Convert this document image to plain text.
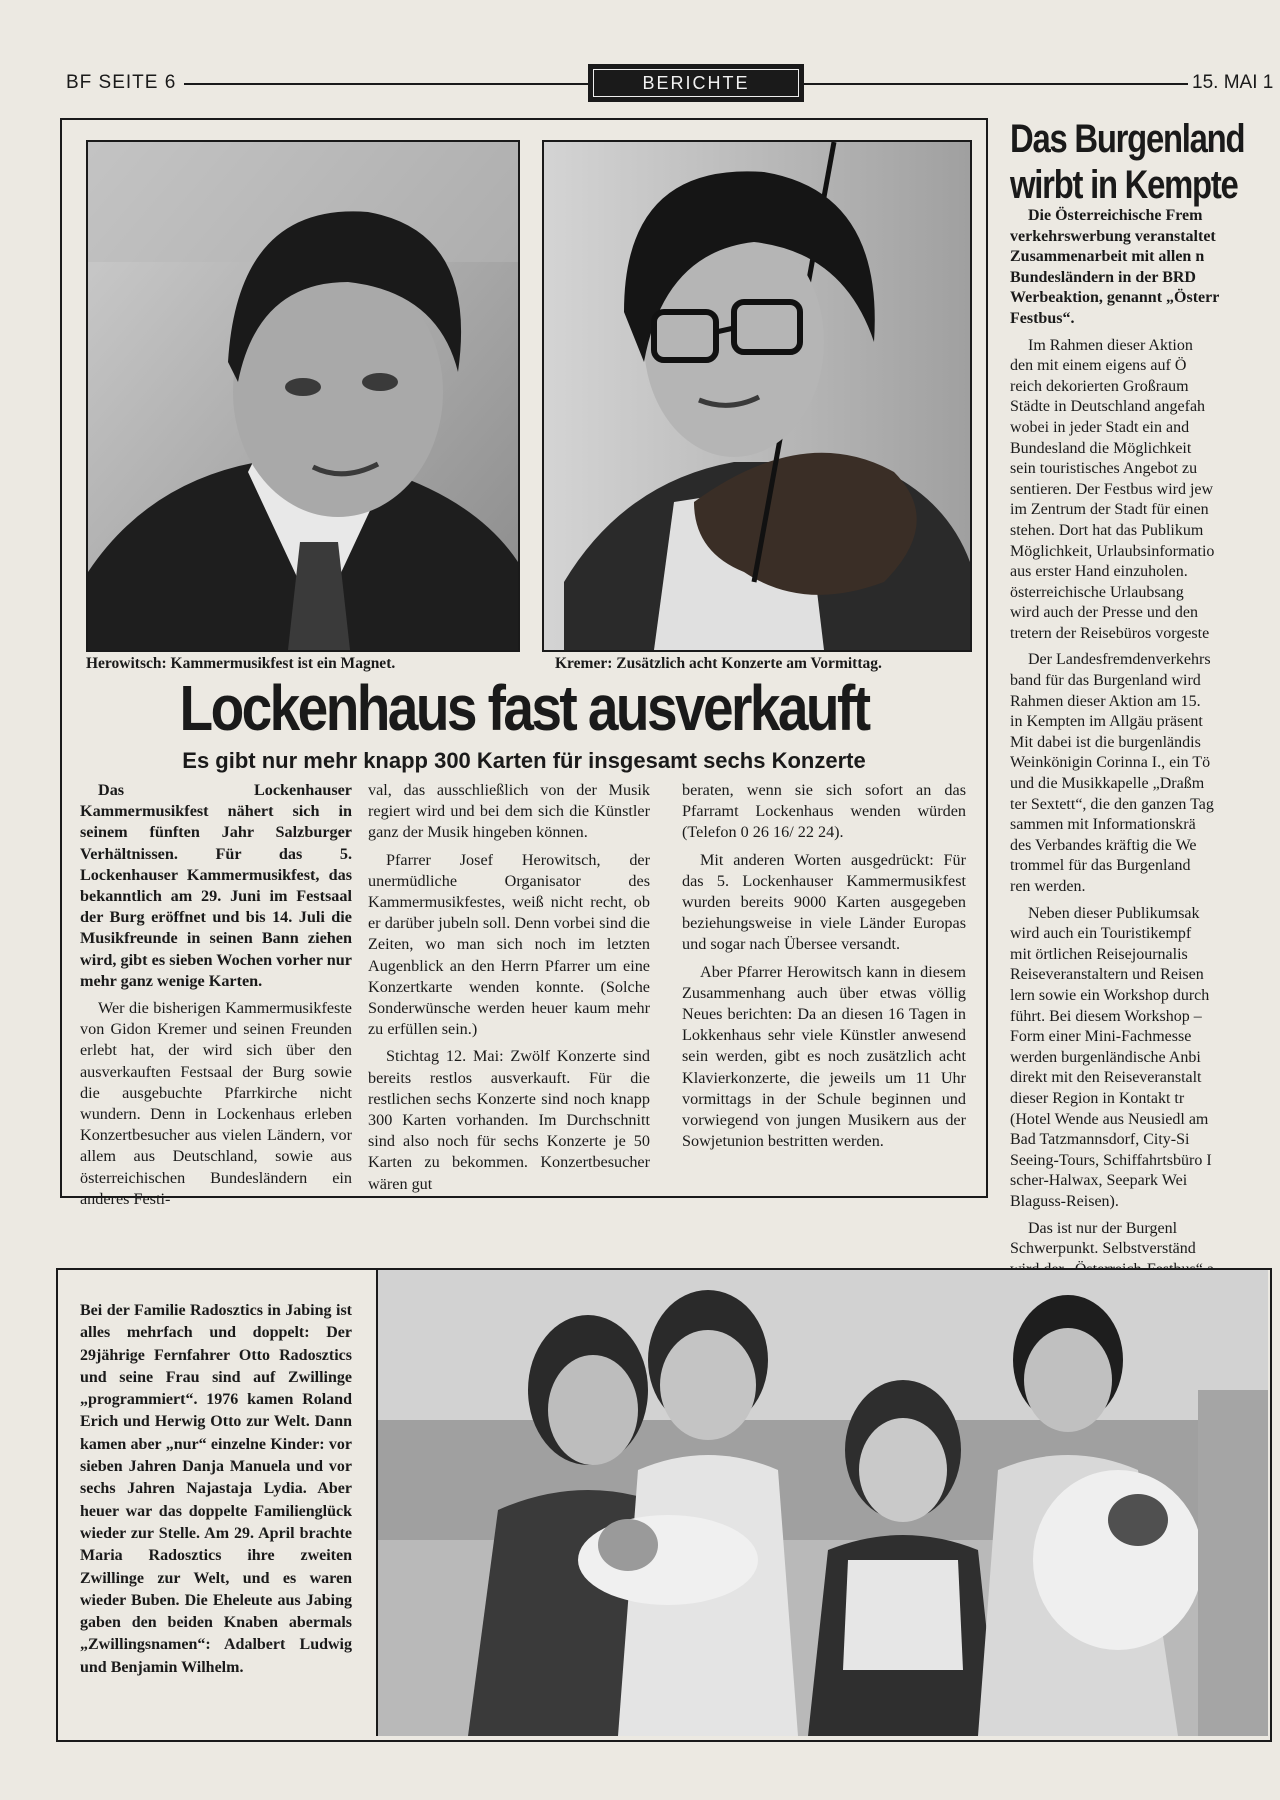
BF SEITE 6	BERICHTE	15. MAI 1
Herowitsch: Kammermusikfest ist ein Magnet.	Kremer: Zusätzlich acht Konzerte am Vormittag.
Lockenhaus fast ausverkauft
Es gibt nur mehr knapp 300 Karten für insgesamt sechs Konzerte

Das Lockenhauser Kammermusikfest nähert sich in seinem fünften Jahr Salzburger Verhältnissen. Für das 5. Lockenhauser Kammermusikfest, das bekanntlich am 29. Juni im Festsaal der Burg eröffnet und bis 14. Juli die Musikfreunde in seinen Bann ziehen wird, gibt es sieben Wochen vorher nur mehr ganz wenige Karten.

Wer die bisherigen Kammermusikfeste von Gidon Kremer und seinen Freunden erlebt hat, der wird sich über den ausverkauften Festsaal der Burg sowie die ausgebuchte Pfarrkirche nicht wundern. Denn in Lockenhaus erleben Konzertbesucher aus vielen Ländern, vor allem aus Deutschland, sowie aus österreichischen Bundesländern ein anderes Festi-

val, das ausschließlich von der Musik regiert wird und bei dem sich die Künstler ganz der Musik hingeben können.

Pfarrer Josef Herowitsch, der unermüdliche Organisator des Kammermusikfestes, weiß nicht recht, ob er darüber jubeln soll. Denn vorbei sind die Zeiten, wo man sich noch im letzten Augenblick an den Herrn Pfarrer um eine Konzertkarte wenden konnte. (Solche Sonderwünsche werden heuer kaum mehr zu erfüllen sein.)

Stichtag 12. Mai: Zwölf Konzerte sind bereits restlos ausverkauft. Für die restlichen sechs Konzerte sind noch knapp 300 Karten vorhanden. Im Durchschnitt sind also noch für sechs Konzerte je 50 Karten zu bekommen. Konzertbesucher wären gut

beraten, wenn sie sich sofort an das Pfarramt Lockenhaus wenden würden (Telefon 0 26 16/ 22 24).

Mit anderen Worten ausgedrückt: Für das 5. Lockenhauser Kammermusikfest wurden bereits 9000 Karten ausgegeben beziehungsweise in viele Länder Europas und sogar nach Übersee versandt.

Aber Pfarrer Herowitsch kann in diesem Zusammenhang auch über etwas völlig Neues berichten: Da an diesen 16 Tagen in Lokkenhaus sehr viele Künstler anwesend sein werden, gibt es noch zusätzlich acht Klavierkonzerte, die jeweils um 11 Uhr vormittags in der Schule beginnen und vorwiegend von jungen Musikern aus der Sowjetunion bestritten werden.

Das Burgenland
wirbt in Kempte

Die Österreichische Frem
verkehrswerbung veranstaltet
Zusammenarbeit mit allen n
Bundesländern in der BRD
Werbeaktion, genannt „Österr
Festbus“.

Im Rahmen dieser Aktion
den mit einem eigens auf Ö
reich dekorierten Großraum
Städte in Deutschland angefah
wobei in jeder Stadt ein and
Bundesland die Möglichkeit
sein touristisches Angebot zu
sentieren. Der Festbus wird jew
im Zentrum der Stadt für einen
stehen. Dort hat das Publikum
Möglichkeit, Urlaubsinformatio
aus erster Hand einzuholen.
österreichische Urlaubsang
wird auch der Presse und den
tretern der Reisebüros vorgeste

Der Landesfremdenverkehrs
band für das Burgenland wird
Rahmen dieser Aktion am 15.
in Kempten im Allgäu präsent
Mit dabei ist die burgenländis
Weinkönigin Corinna I., ein Tö
und die Musikkapelle „Draßm
ter Sextett“, die den ganzen Tag
sammen mit Informationskrä
des Verbandes kräftig die We
trommel für das Burgenland
ren werden.

Neben dieser Publikumsak
wird auch ein Touristikempf
mit örtlichen Reisejournalis
Reiseveranstaltern und Reisen
lern sowie ein Workshop durch
führt. Bei diesem Workshop –
Form einer Mini-Fachmesse
werden burgenländische Anbi
direkt mit den Reiseveranstalt
dieser Region in Kontakt tr
(Hotel Wende aus Neusiedl am
Bad Tatzmannsdorf, City-Si
Seeing-Tours, Schiffahrtsbüro I
scher-Halwax, Seepark Wei
Blaguss-Reisen).

Das ist nur der Burgenl
Schwerpunkt. Selbstverständ

Bei der Familie Radosztics in Jabing ist alles mehrfach und doppelt: Der 29jährige Fernfahrer Otto Radosztics und seine Frau sind auf Zwillinge „programmiert“. 1976 kamen Roland Erich und Herwig Otto zur Welt. Dann kamen aber „nur“ einzelne Kinder: vor sieben Jahren Danja Manuela und vor sechs Jahren Najastaja Lydia. Aber heuer war das doppelte Familienglück wieder zur Stelle. Am 29. April brachte Maria Radosztics ihre zweiten Zwillinge zur Welt, und es waren wieder Buben. Die Eheleute aus Jabing gaben den beiden Knaben abermals „Zwillingsnamen“: Adalbert Ludwig und Benjamin Wilhelm.
